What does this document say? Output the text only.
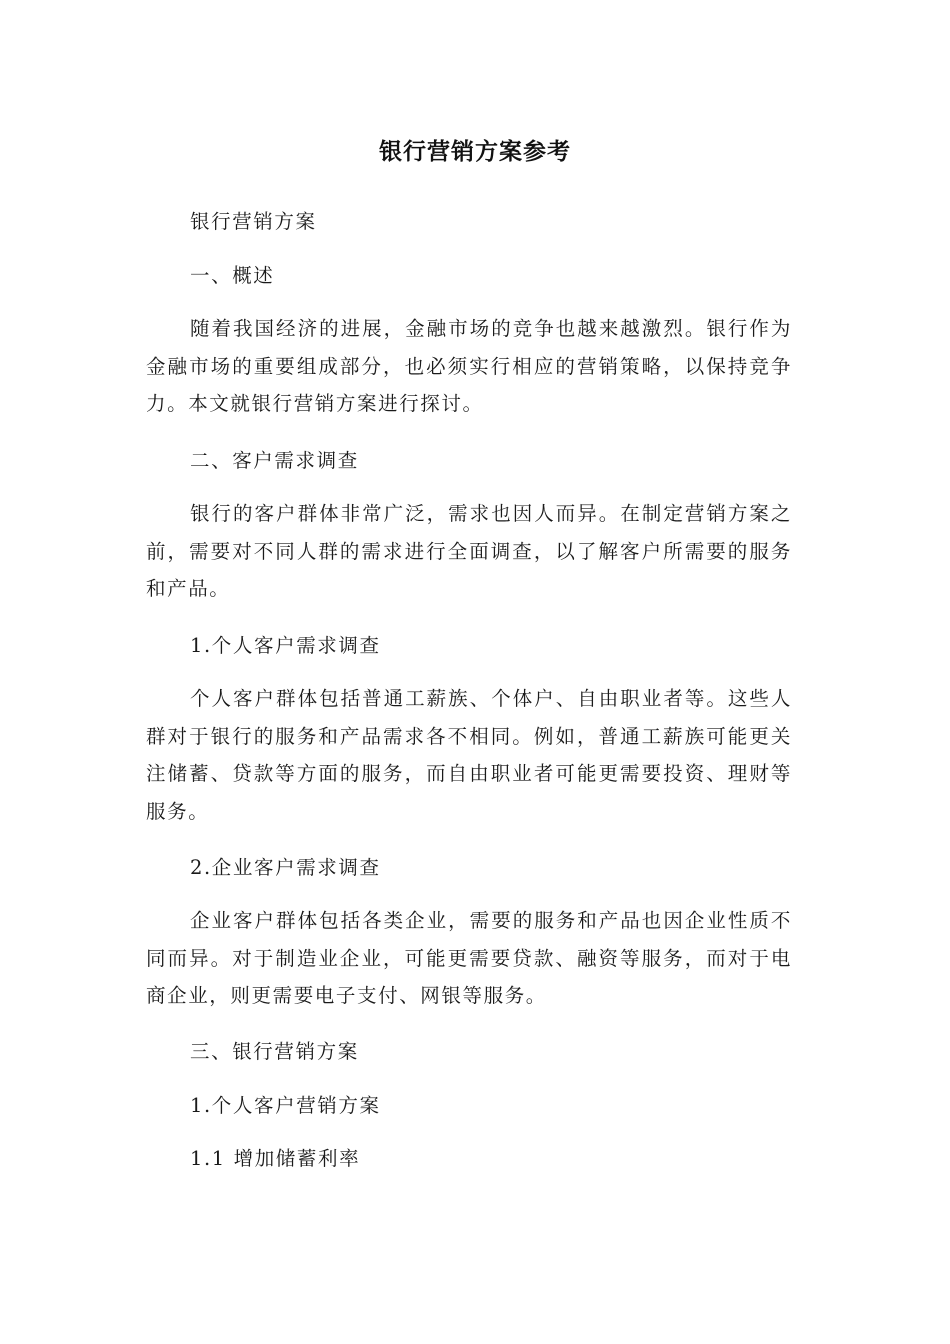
银行营销方案参考

银行营销方案

一、概述

随着我国经济的进展，金融市场的竞争也越来越激烈。银行作为金融市场的重要组成部分，也必须实行相应的营销策略，以保持竞争力。本文就银行营销方案进行探讨。

二、客户需求调查

银行的客户群体非常广泛，需求也因人而异。在制定营销方案之前，需要对不同人群的需求进行全面调查，以了解客户所需要的服务和产品。

1.个人客户需求调查

个人客户群体包括普通工薪族、个体户、自由职业者等。这些人群对于银行的服务和产品需求各不相同。例如，普通工薪族可能更关注储蓄、贷款等方面的服务，而自由职业者可能更需要投资、理财等服务。

2.企业客户需求调查

企业客户群体包括各类企业，需要的服务和产品也因企业性质不同而异。对于制造业企业，可能更需要贷款、融资等服务，而对于电商企业，则更需要电子支付、网银等服务。

三、银行营销方案

1.个人客户营销方案

1.1 增加储蓄利率
